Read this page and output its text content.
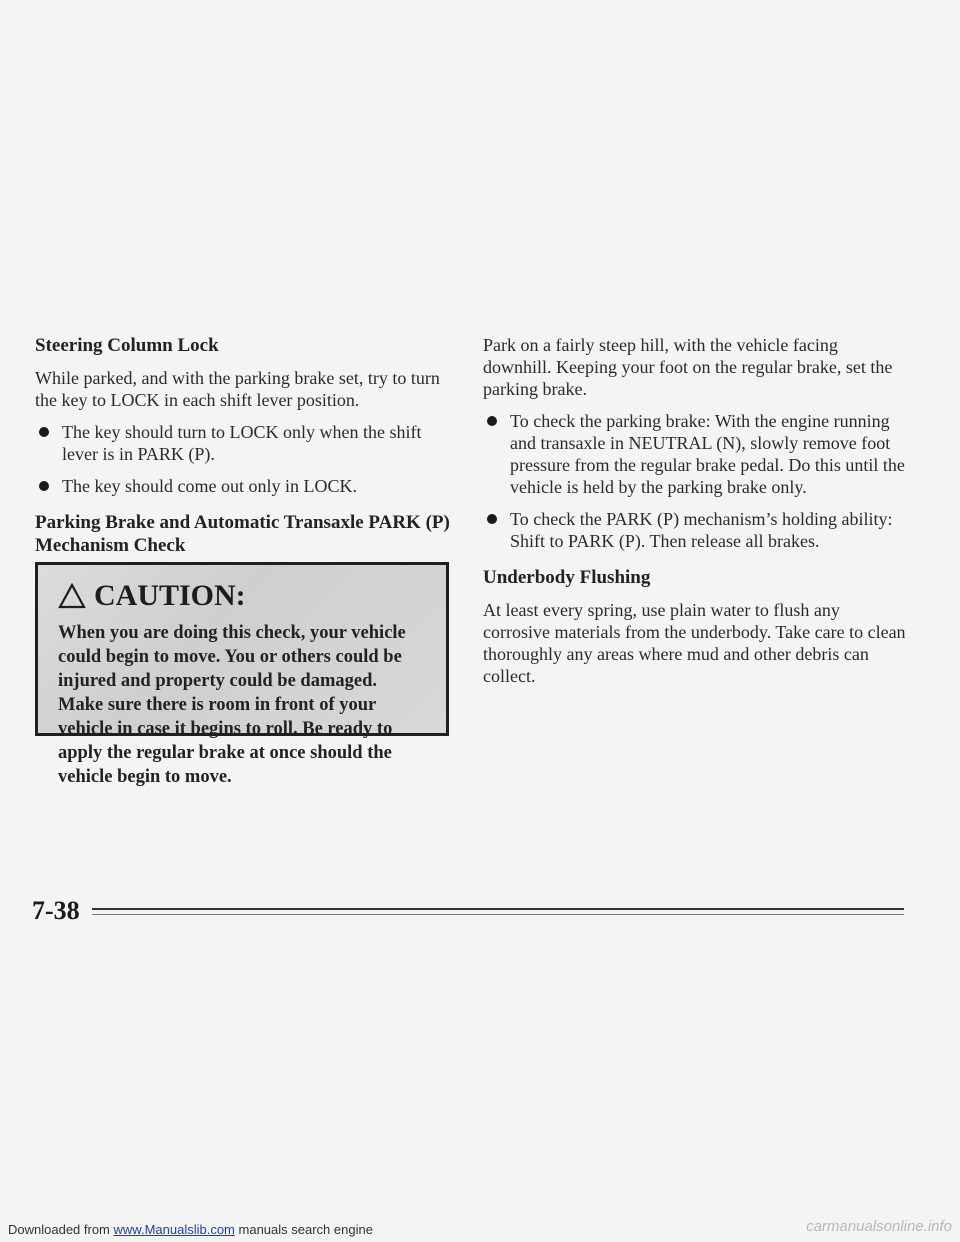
Steering Column Lock

While parked, and with the parking brake set, try to turn the key to LOCK in each shift lever position.

The key should turn to LOCK only when the shift lever is in PARK (P).
The key should come out only in LOCK.
Parking Brake and Automatic Transaxle PARK (P) Mechanism Check
CAUTION:
When you are doing this check, your vehicle could begin to move. You or others could be injured and property could be damaged. Make sure there is room in front of your vehicle in case it begins to roll. Be ready to apply the regular brake at once should the vehicle begin to move.

Park on a fairly steep hill, with the vehicle facing downhill. Keeping your foot on the regular brake, set the parking brake.

To check the parking brake: With the engine running and transaxle in NEUTRAL (N), slowly remove foot pressure from the regular brake pedal. Do this until the vehicle is held by the parking brake only.
To check the PARK (P) mechanism’s holding ability: Shift to PARK (P). Then release all brakes.
Underbody Flushing

At least every spring, use plain water to flush any corrosive materials from the underbody. Take care to clean thoroughly any areas where mud and other debris can collect.

7-38
Downloaded from www.Manualslib.com manuals search engine	carmanualsonline.info
